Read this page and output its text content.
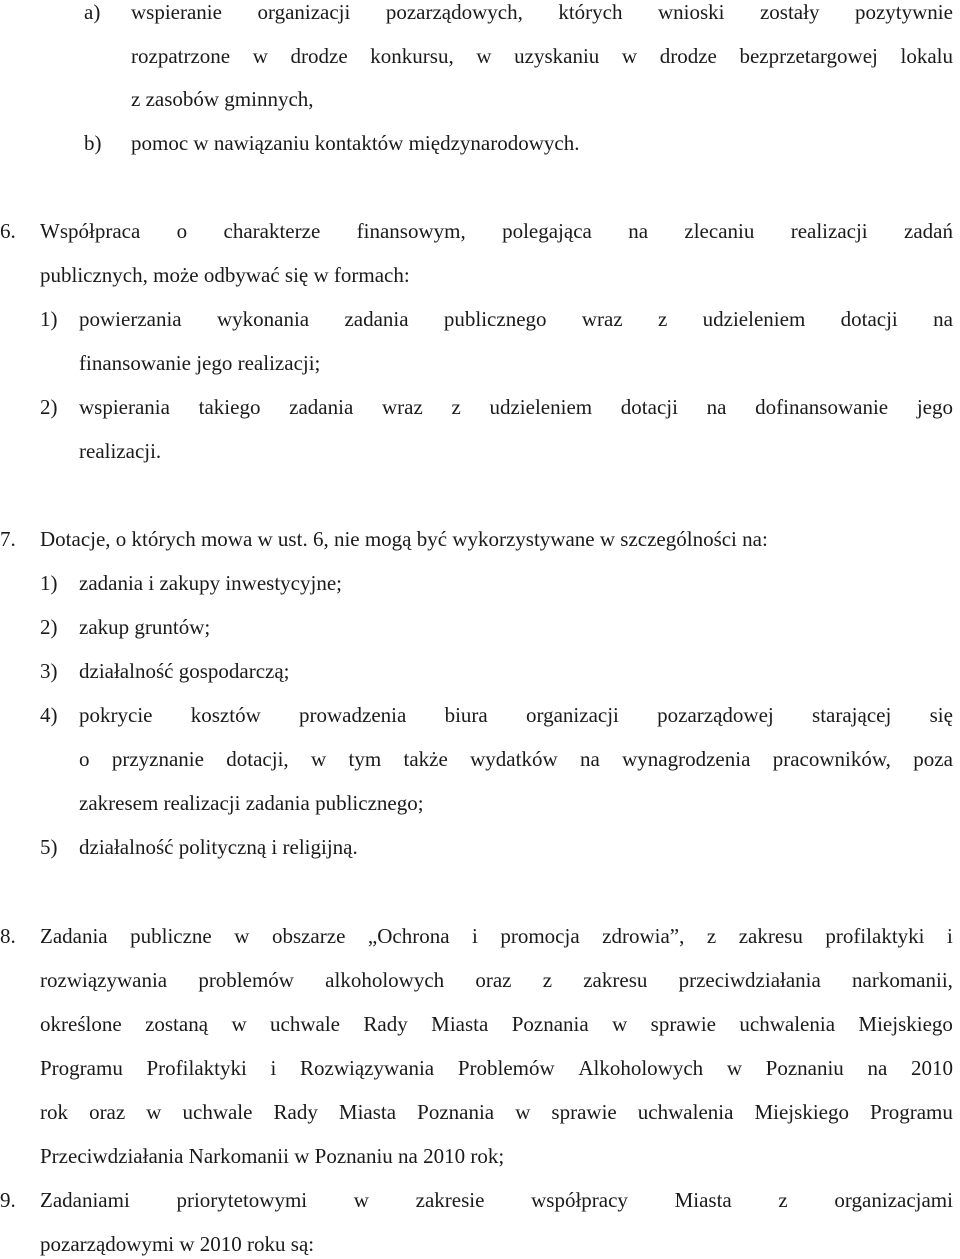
a) wspieranie organizacji pozarządowych, których wnioski zostały pozytywnie
rozpatrzone w drodze konkursu, w uzyskaniu w drodze bezprzetargowej lokalu
z zasobów gminnych,
b) pomoc w nawiązaniu kontaktów międzynarodowych.
6. Współpraca o charakterze finansowym, polegająca na zlecaniu realizacji zadań
publicznych, może odbywać się w formach:
1) powierzania wykonania zadania publicznego wraz z udzieleniem dotacji na
finansowanie jego realizacji;
2) wspierania takiego zadania wraz z udzieleniem dotacji na dofinansowanie jego
realizacji.
7. Dotacje, o których mowa w ust. 6, nie mogą być wykorzystywane w szczególności na:
1) zadania i zakupy inwestycyjne;
2) zakup gruntów;
3) działalność gospodarczą;
4) pokrycie kosztów prowadzenia biura organizacji pozarządowej starającej się
o przyznanie dotacji, w tym także wydatków na wynagrodzenia pracowników, poza
zakresem realizacji zadania publicznego;
5) działalność polityczną i religijną.
8. Zadania publiczne w obszarze „Ochrona i promocja zdrowia”, z zakresu profilaktyki i
rozwiązywania problemów alkoholowych oraz z zakresu przeciwdziałania narkomanii,
określone zostaną w uchwale Rady Miasta Poznania w sprawie uchwalenia Miejskiego
Programu Profilaktyki i Rozwiązywania Problemów Alkoholowych w Poznaniu na 2010
rok oraz w uchwale Rady Miasta Poznania w sprawie uchwalenia Miejskiego Programu
Przeciwdziałania Narkomanii w Poznaniu na 2010 rok;
9. Zadaniami priorytetowymi w zakresie współpracy Miasta z organizacjami
pozarządowymi w 2010 roku są:
